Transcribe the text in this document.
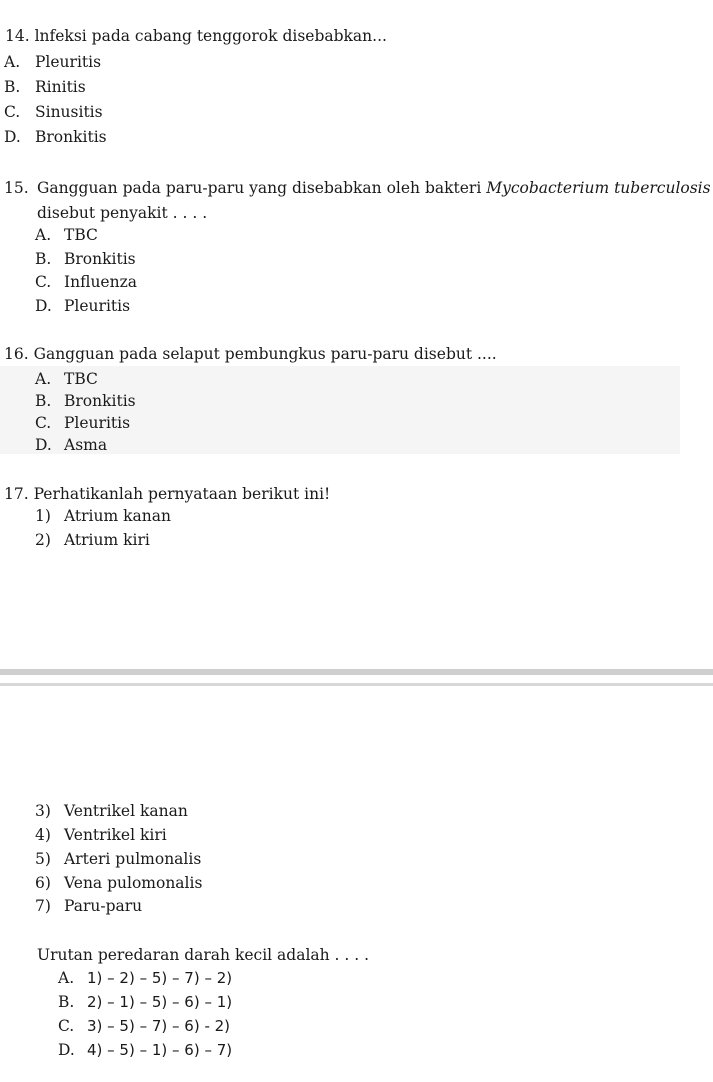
14. lnfeksi pada cabang tenggorok disebabkan...
A. Pleuritis
B. Rinitis
C. Sinusitis
D. Bronkitis
15. Gangguan pada paru-paru yang disebabkan oleh bakteri Mycobacterium tuberculosis
disebut penyakit . . . .
A. TBC
B. Bronkitis
C. Influenza
D. Pleuritis
16. Gangguan pada selaput pembungkus paru-paru disebut ....
A. TBC
B. Bronkitis
C. Pleuritis
D. Asma
17. Perhatikanlah pernyataan berikut ini!
1) Atrium kanan
2) Atrium kiri
3) Ventrikel kanan
4) Ventrikel kiri
5) Arteri pulmonalis
6) Vena pulomonalis
7) Paru-paru
Urutan peredaran darah kecil adalah . . . .
A. 1) – 2) – 5) – 7) – 2)
B. 2) – 1) – 5) – 6) – 1)
C. 3) – 5) – 7) – 6) - 2)
D. 4) – 5) – 1) – 6) – 7)
